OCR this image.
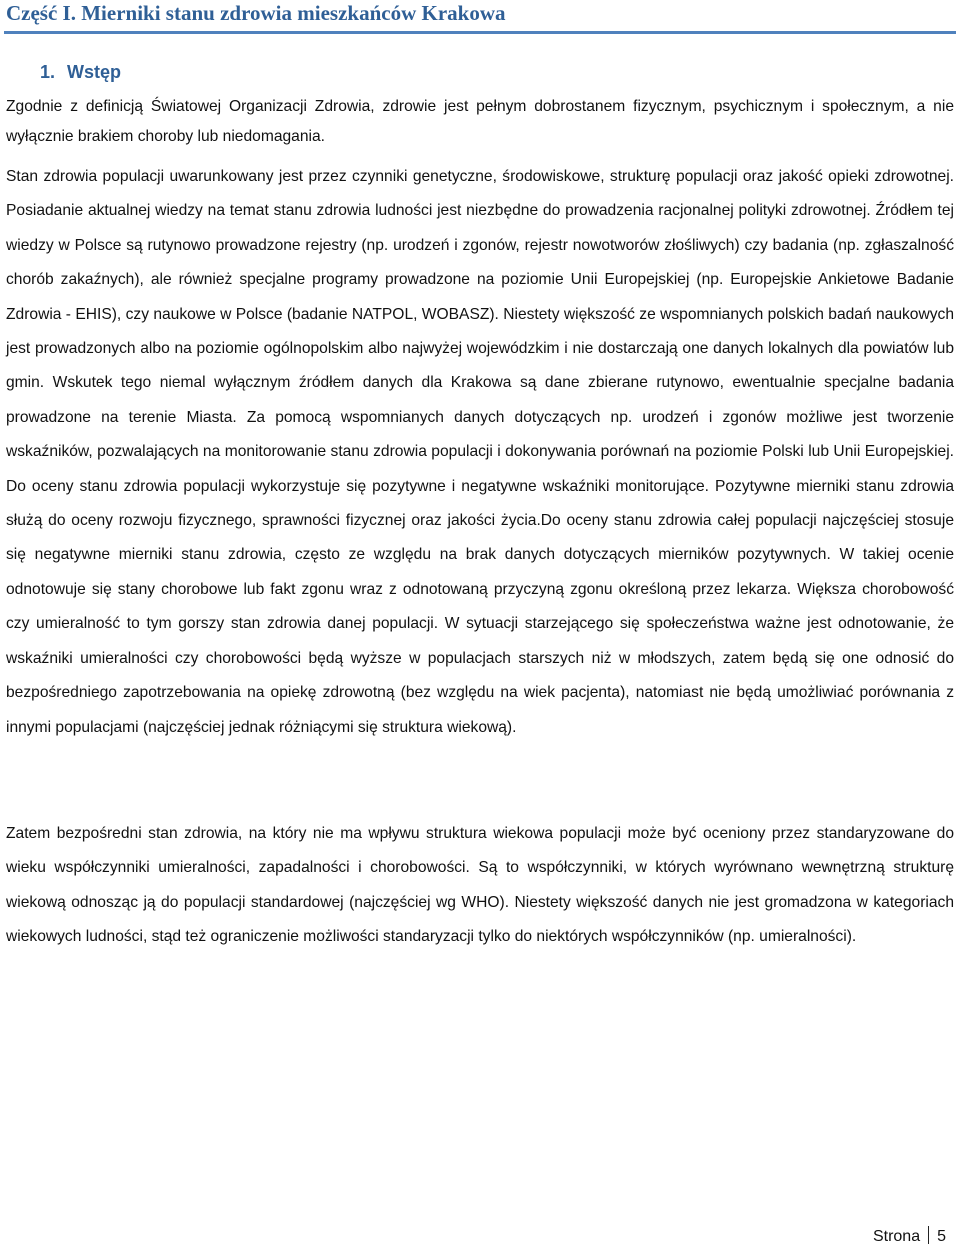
Część I. Mierniki stanu zdrowia mieszkańców Krakowa
1. Wstęp

Zgodnie z definicją Światowej Organizacji Zdrowia, zdrowie jest pełnym dobrostanem fizycznym, psychicznym i społecznym, a nie wyłącznie brakiem choroby lub niedomagania.

Stan zdrowia populacji uwarunkowany jest przez czynniki genetyczne, środowiskowe, strukturę populacji oraz jakość opieki zdrowotnej. Posiadanie aktualnej wiedzy na temat stanu zdrowia ludności jest niezbędne do prowadzenia racjonalnej polityki zdrowotnej. Źródłem tej wiedzy w Polsce są rutynowo prowadzone rejestry (np. urodzeń i zgonów, rejestr nowotworów złośliwych) czy badania (np. zgłaszalność chorób zakaźnych), ale również specjalne programy prowadzone na poziomie Unii Europejskiej (np. Europejskie Ankietowe Badanie Zdrowia - EHIS), czy naukowe w Polsce (badanie NATPOL, WOBASZ). Niestety większość ze wspomnianych polskich badań naukowych jest prowadzonych albo na poziomie ogólnopolskim albo najwyżej wojewódzkim i nie dostarczają one danych lokalnych dla powiatów lub gmin. Wskutek tego niemal wyłącznym źródłem danych dla Krakowa są dane zbierane rutynowo, ewentualnie specjalne badania prowadzone na terenie Miasta. Za pomocą wspomnianych danych dotyczących np. urodzeń i zgonów możliwe jest tworzenie wskaźników, pozwalających na monitorowanie stanu zdrowia populacji i dokonywania porównań na poziomie Polski lub Unii Europejskiej. Do oceny stanu zdrowia populacji wykorzystuje się pozytywne i negatywne wskaźniki monitorujące. Pozytywne mierniki stanu zdrowia służą do oceny rozwoju fizycznego, sprawności fizycznej oraz jakości życia.Do oceny stanu zdrowia całej populacji najczęściej stosuje się negatywne mierniki stanu zdrowia, często ze względu na brak danych dotyczących mierników pozytywnych. W takiej ocenie odnotowuje się stany chorobowe lub fakt zgonu wraz z odnotowaną przyczyną zgonu określoną przez lekarza. Większa chorobowość czy umieralność to tym gorszy stan zdrowia danej populacji. W sytuacji starzejącego się społeczeństwa ważne jest odnotowanie, że wskaźniki umieralności czy chorobowości będą wyższe w populacjach starszych niż w młodszych, zatem będą się one odnosić do bezpośredniego zapotrzebowania na opiekę zdrowotną (bez względu na wiek pacjenta), natomiast nie będą umożliwiać porównania z innymi populacjami (najczęściej jednak różniącymi się struktura wiekową).

Zatem bezpośredni stan zdrowia, na który nie ma wpływu struktura wiekowa populacji może być oceniony przez standaryzowane do wieku współczynniki umieralności, zapadalności i chorobowości. Są to współczynniki, w których wyrównano wewnętrzną strukturę wiekową odnosząc ją do populacji standardowej (najczęściej wg WHO). Niestety większość danych nie jest gromadzona w kategoriach wiekowych ludności, stąd też ograniczenie możliwości standaryzacji tylko do niektórych współczynników (np. umieralności).

Strona 5
